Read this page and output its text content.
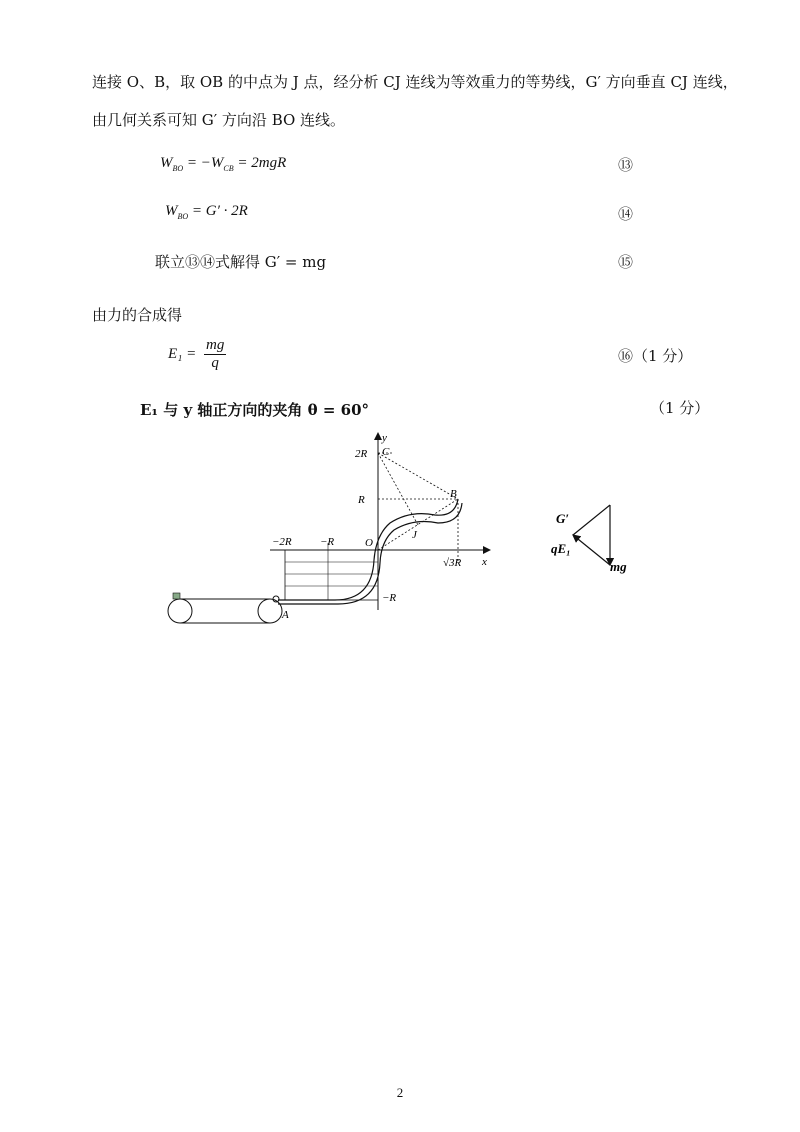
连接 O、B，取 OB 的中点为 J 点，经分析 CJ 连线为等效重力的等势线，G′ 方向垂直 CJ 连线，
由几何关系可知 G′ 方向沿 BO 连线。
$W_{BO} = -W_{CB} = 2mgR$	⑬
$W_{BO} = G' \cdot 2R$	⑭
联立⑬⑭式解得 G′ = mg	⑮
由力的合成得
$E_1 = \frac{mg}{q}$	⑯（1 分）
E₁ 与 y 轴正方向的夹角 θ = 60°	（1 分）
y
x
2R C
R	B
O
J
A
−2R	−R
−R
√3R
G′
qE₁
mg
2
